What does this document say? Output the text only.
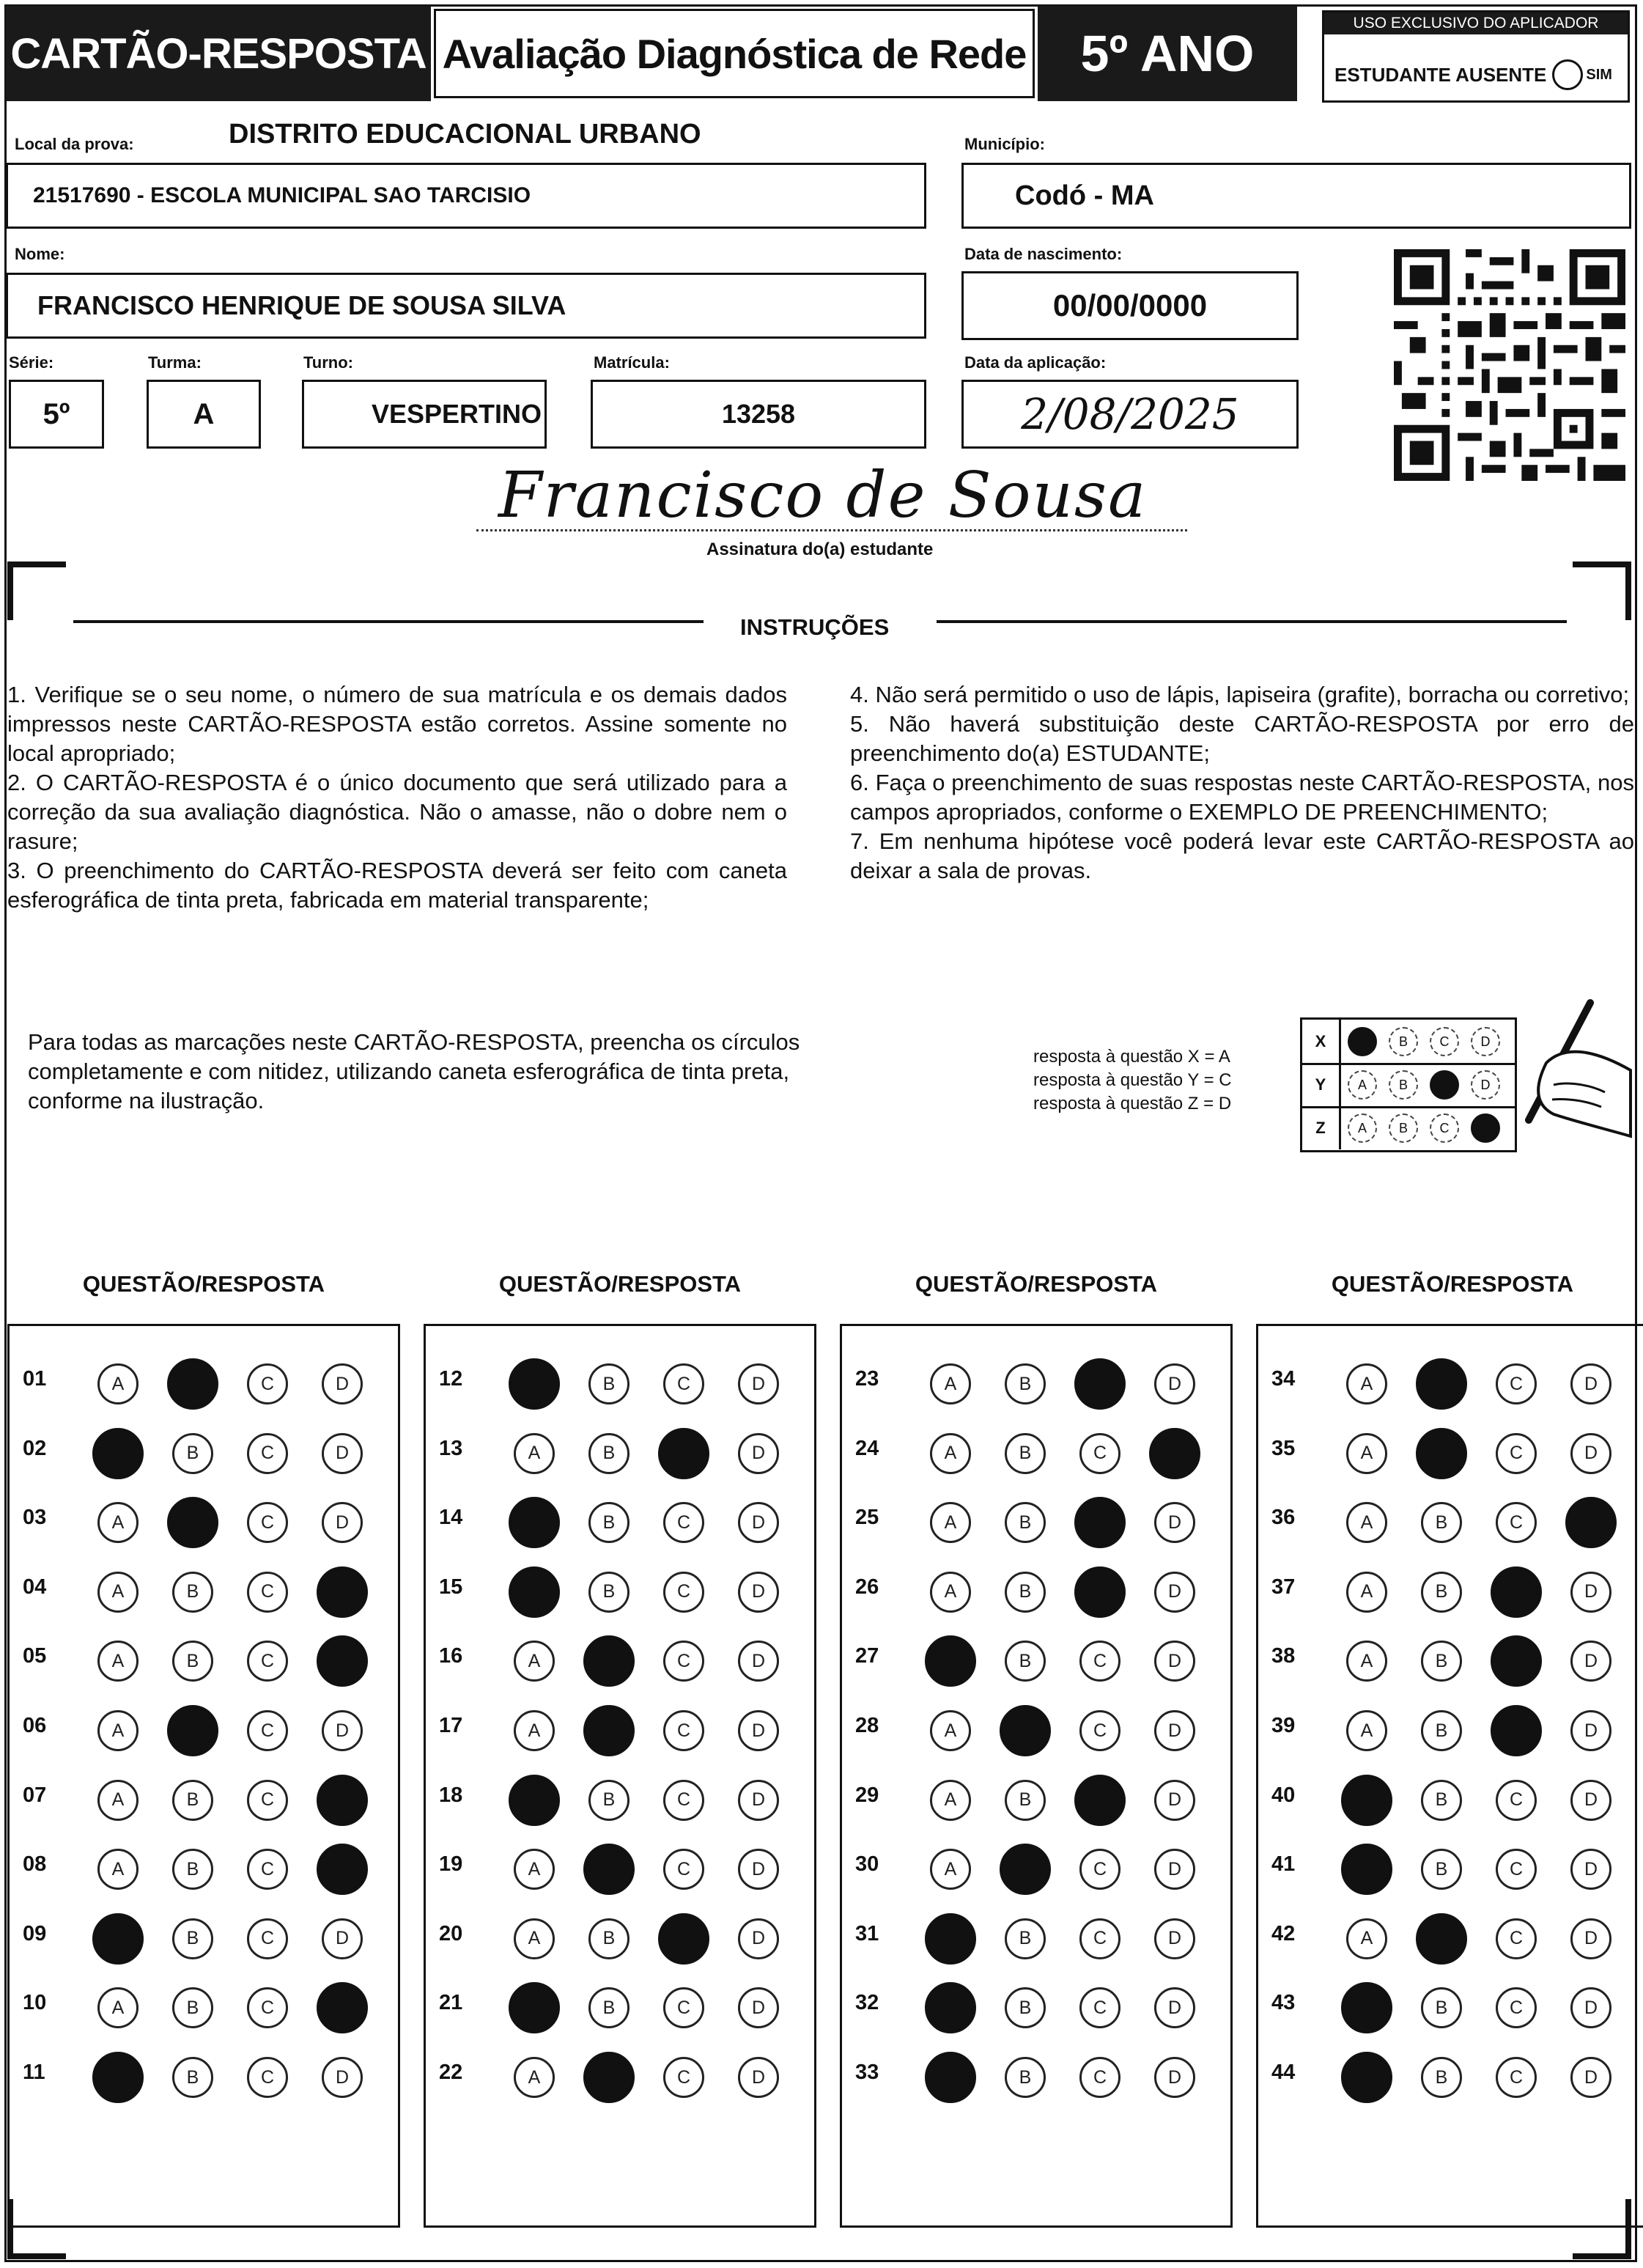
CARTÃO-RESPOSTA Avaliação Diagnóstica de Rede 5º ANO
USO EXCLUSIVO DO APLICADOR
ESTUDANTE AUSENTE	SIM
Local da prova:	DISTRITO EDUCACIONAL URBANO
21517690 - ESCOLA MUNICIPAL SAO TARCISIO
Município:
Codó - MA
Nome:
FRANCISCO HENRIQUE DE SOUSA SILVA
Data de nascimento:
00/00/0000
Série:
5º
Turma:
A
Turno:
VESPERTINO
Matrícula:
13258
Data da aplicação:
2/08/2025
Francisco de Sousa
Assinatura do(a) estudante
INSTRUÇÕES

1. Verifique se o seu nome, o número de sua matrícula e os demais dados impressos neste CARTÃO-RESPOSTA estão corretos. Assine somente no local apropriado;

2. O CARTÃO-RESPOSTA é o único documento que será utilizado para a correção da sua avaliação diagnóstica. Não o amasse, não o dobre nem o rasure;

3. O preenchimento do CARTÃO-RESPOSTA deverá ser feito com caneta esferográfica de tinta preta, fabricada em material transparente;

4. Não será permitido o uso de lápis, lapiseira (grafite), borracha ou corretivo;

5. Não haverá substituição deste CARTÃO-RESPOSTA por erro de preenchimento do(a) ESTUDANTE;

6. Faça o preenchimento de suas respostas neste CARTÃO-RESPOSTA, nos campos apropriados, conforme o EXEMPLO DE PREENCHIMENTO;

7. Em nenhuma hipótese você poderá levar este CARTÃO-RESPOSTA ao deixar a sala de provas.

Para todas as marcações neste CARTÃO-RESPOSTA, preencha os círculos completamente e com nitidez, utilizando caneta esferográfica de tinta preta, conforme na ilustração.
resposta à questão X = A
resposta à questão Y = C
resposta à questão Z = D
X	A	B	C	D
Y	A	B	C	D
Z	A	B	C	D
QUESTÃO/RESPOSTA
01	A	B	C	D
02	A	B	C	D
03	A	B	C	D
04	A	B	C	D
05	A	B	C	D
06	A	B	C	D
07	A	B	C	D
08	A	B	C	D
09	A	B	C	D
10	A	B	C	D
11	A	B	C	D
QUESTÃO/RESPOSTA
12	A	B	C	D
13	A	B	C	D
14	A	B	C	D
15	A	B	C	D
16	A	B	C	D
17	A	B	C	D
18	A	B	C	D
19	A	B	C	D
20	A	B	C	D
21	A	B	C	D
22	A	B	C	D
QUESTÃO/RESPOSTA
23	A	B	C	D
24	A	B	C	D
25	A	B	C	D
26	A	B	C	D
27	A	B	C	D
28	A	B	C	D
29	A	B	C	D
30	A	B	C	D
31	A	B	C	D
32	A	B	C	D
33	A	B	C	D
QUESTÃO/RESPOSTA
34	A	B	C	D
35	A	B	C	D
36	A	B	C	D
37	A	B	C	D
38	A	B	C	D
39	A	B	C	D
40	A	B	C	D
41	A	B	C	D
42	A	B	C	D
43	A	B	C	D
44	A	B	C	D
